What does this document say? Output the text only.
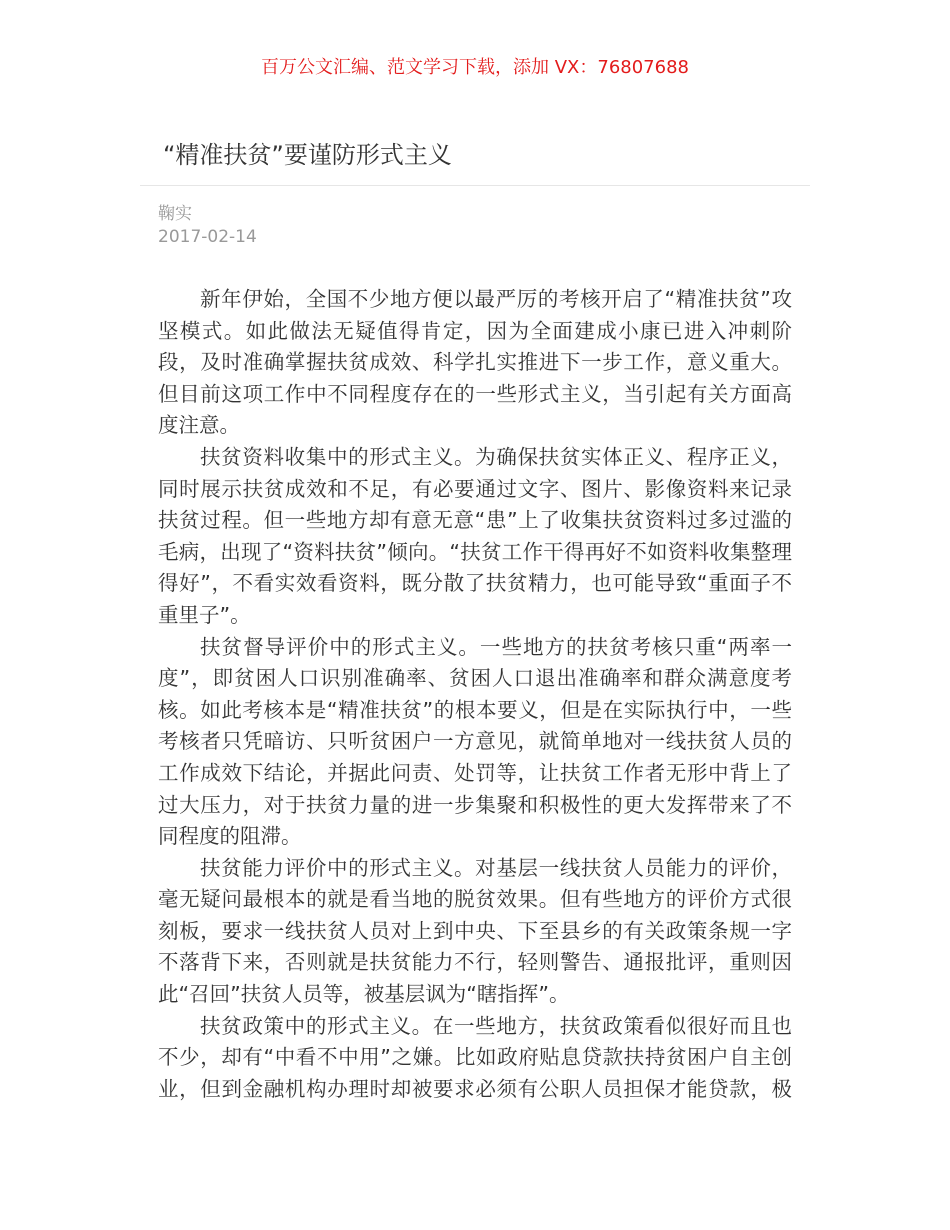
百万公文汇编、范文学习下载，添加 VX：76807688
“精准扶贫”要谨防形式主义
鞠实
2017-02-14
新年伊始，全国不少地方便以最严厉的考核开启了“精准扶贫”攻
坚模式。如此做法无疑值得肯定，因为全面建成小康已进入冲刺阶
段，及时准确掌握扶贫成效、科学扎实推进下一步工作，意义重大。
但目前这项工作中不同程度存在的一些形式主义，当引起有关方面高
度注意。
扶贫资料收集中的形式主义。为确保扶贫实体正义、程序正义，
同时展示扶贫成效和不足，有必要通过文字、图片、影像资料来记录
扶贫过程。但一些地方却有意无意“患”上了收集扶贫资料过多过滥的
毛病，出现了“资料扶贫”倾向。“扶贫工作干得再好不如资料收集整理
得好”，不看实效看资料，既分散了扶贫精力，也可能导致“重面子不
重里子”。
扶贫督导评价中的形式主义。一些地方的扶贫考核只重“两率一
度”，即贫困人口识别准确率、贫困人口退出准确率和群众满意度考
核。如此考核本是“精准扶贫”的根本要义，但是在实际执行中，一些
考核者只凭暗访、只听贫困户一方意见，就简单地对一线扶贫人员的
工作成效下结论，并据此问责、处罚等，让扶贫工作者无形中背上了
过大压力，对于扶贫力量的进一步集聚和积极性的更大发挥带来了不
同程度的阻滞。
扶贫能力评价中的形式主义。对基层一线扶贫人员能力的评价，
毫无疑问最根本的就是看当地的脱贫效果。但有些地方的评价方式很
刻板，要求一线扶贫人员对上到中央、下至县乡的有关政策条规一字
不落背下来，否则就是扶贫能力不行，轻则警告、通报批评，重则因
此“召回”扶贫人员等，被基层讽为“瞎指挥”。
扶贫政策中的形式主义。在一些地方，扶贫政策看似很好而且也
不少，却有“中看不中用”之嫌。比如政府贴息贷款扶持贫困户自主创
业，但到金融机构办理时却被要求必须有公职人员担保才能贷款，极
